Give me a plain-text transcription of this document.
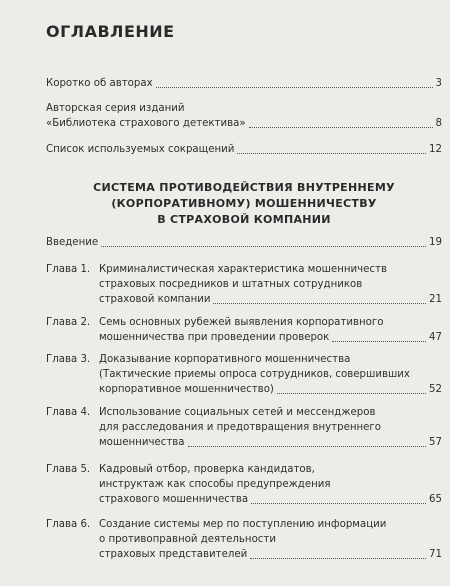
ОГЛАВЛЕНИЕ
Коротко об авторах	3
Авторская серия изданий
«Библиотека страхового детектива»	8
Список используемых сокращений	12
СИСТЕМА ПРОТИВОДЕЙСТВИЯ ВНУТРЕННЕМУ
(КОРПОРАТИВНОМУ) МОШЕННИЧЕСТВУ
В СТРАХОВОЙ КОМПАНИИ
Введение	19
Глава 1. Криминалистическая характеристика мошенничеств
страховых посредников и штатных сотрудников
страховой компании	21
Глава 2. Семь основных рубежей выявления корпоративного
мошенничества при проведении проверок	47
Глава 3. Доказывание корпоративного мошенничества
(Тактические приемы опроса сотрудников, совершивших
корпоративное мошенничество)	52
Глава 4. Использование социальных сетей и мессенджеров
для расследования и предотвращения внутреннего
мошенничества	57
Глава 5. Кадровый отбор, проверка кандидатов,
инструктаж как способы предупреждения
страхового мошенничества	65
Глава 6. Создание системы мер по поступлению информации
о противоправной деятельности
страховых представителей	71
